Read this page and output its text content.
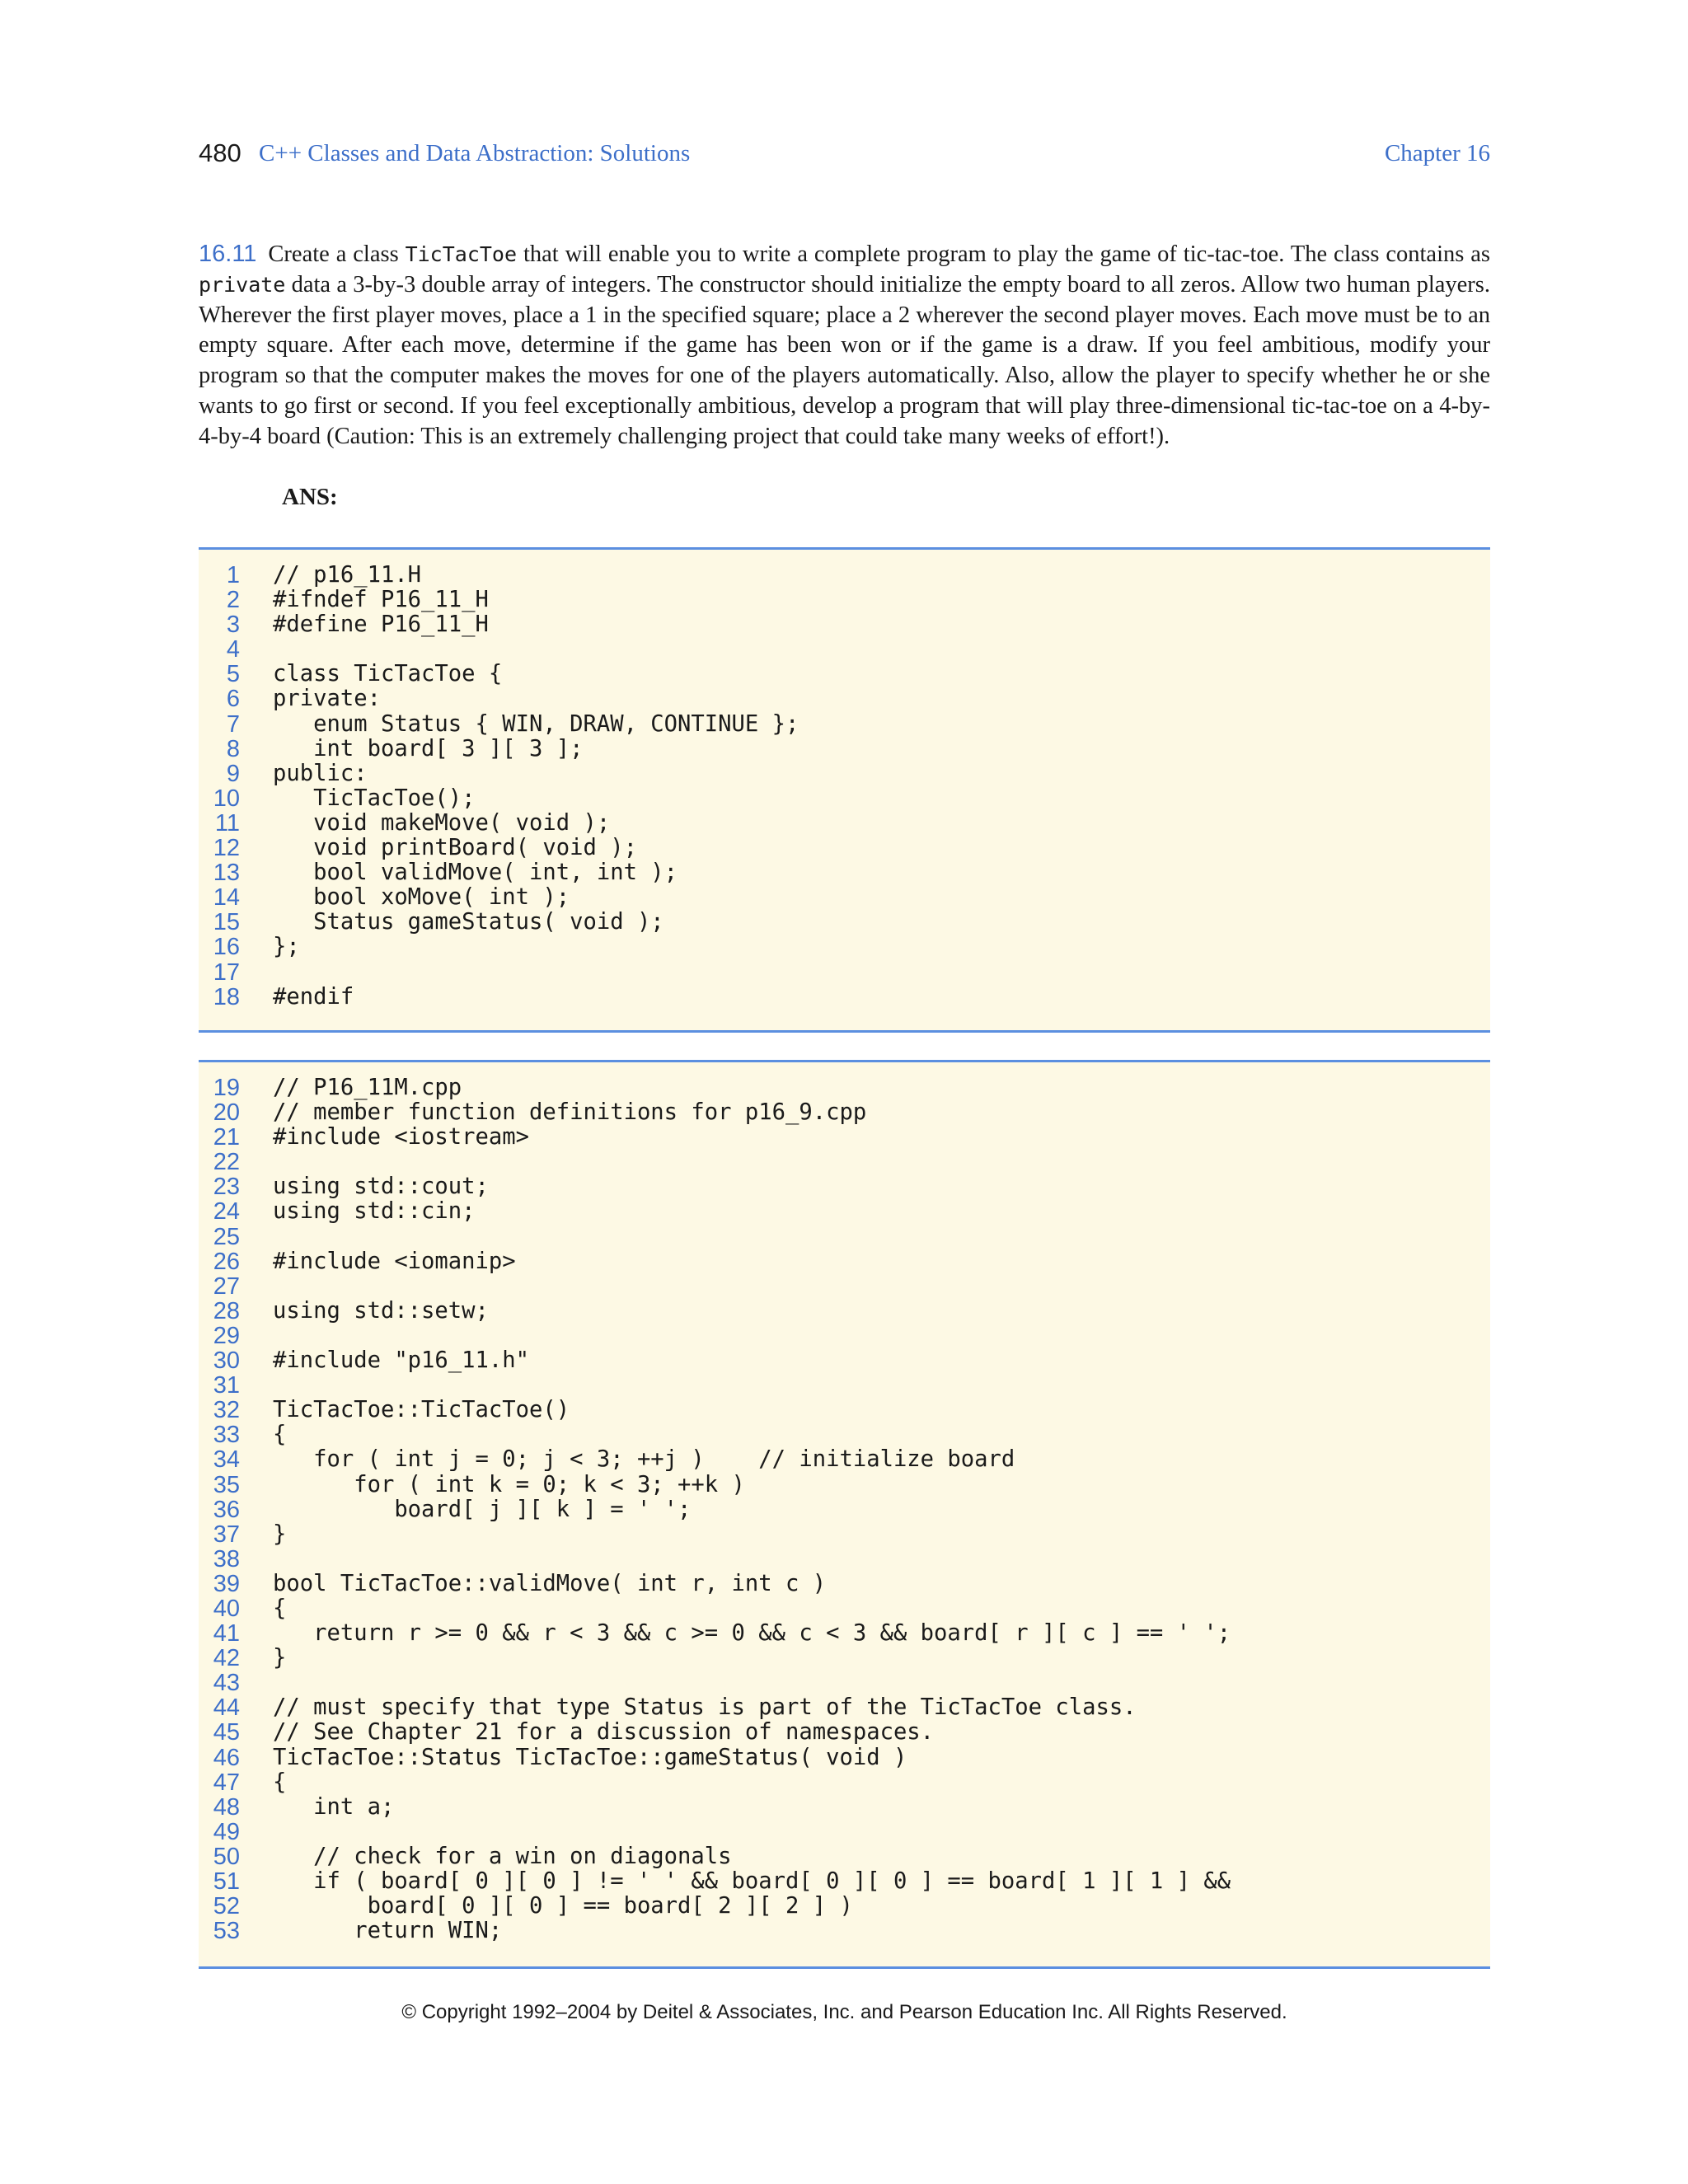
480 C++ Classes and Data Abstraction: Solutions	Chapter 16
16.11 Create a class TicTacToe that will enable you to write a complete program to play the game of tic-tac-toe. The class contains as private data a 3-by-3 double array of integers. The constructor should initialize the empty board to all zeros. Allow two human players. Wherever the first player moves, place a 1 in the specified square; place a 2 wherever the second player moves. Each move must be to an empty square. After each move, determine if the game has been won or if the game is a draw. If you feel ambitious, modify your program so that the computer makes the moves for one of the players automatically. Also, allow the player to specify whether he or she wants to go first or second. If you feel exceptionally ambitious, develop a program that will play three-dimensional tic-tac-toe on a 4-by-4-by-4 board (Caution: This is an extremely challenging project that could take many weeks of effort!).
ANS:
1 // p16_11.H
2 #ifndef P16_11_H
3 #define P16_11_H
4
5 class TicTacToe {
6 private:
7 enum Status { WIN, DRAW, CONTINUE };
8 int board[ 3 ][ 3 ];
9 public:
10 TicTacToe();
11 void makeMove( void );
12 void printBoard( void );
13 bool validMove( int, int );
14 bool xoMove( int );
15 Status gameStatus( void );
16 };
17
18 #endif
19 // P16_11M.cpp
20 // member function definitions for p16_9.cpp
21 #include <iostream>
22
23 using std::cout;
24 using std::cin;
25
26 #include <iomanip>
27
28 using std::setw;
29
30 #include "p16_11.h"
31
32 TicTacToe::TicTacToe()
33 {
34 for ( int j = 0; j < 3; ++j )    // initialize board
35 for ( int k = 0; k < 3; ++k )
36 board[ j ][ k ] = ' ';
37 }
38
39 bool TicTacToe::validMove( int r, int c )
40 {
41 return r >= 0 && r < 3 && c >= 0 && c < 3 && board[ r ][ c ] == ' ';
42 }
43
44 // must specify that type Status is part of the TicTacToe class.
45 // See Chapter 21 for a discussion of namespaces.
46 TicTacToe::Status TicTacToe::gameStatus( void )
47 {
48 int a;
49
50 // check for a win on diagonals
51 if ( board[ 0 ][ 0 ] != ' ' && board[ 0 ][ 0 ] == board[ 1 ][ 1 ] &&
52 board[ 0 ][ 0 ] == board[ 2 ][ 2 ] )
53 return WIN;
© Copyright 1992–2004 by Deitel & Associates, Inc. and Pearson Education Inc. All Rights Reserved.
